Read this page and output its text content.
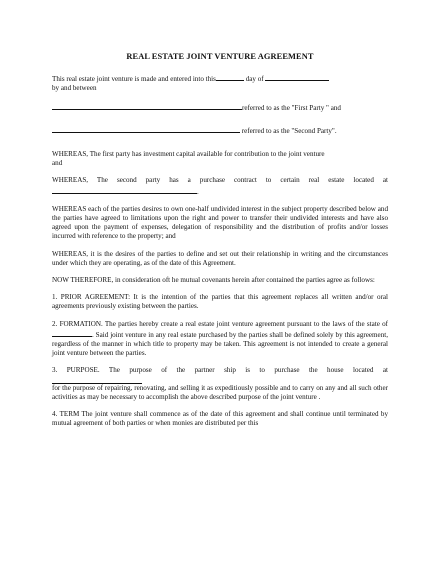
REAL ESTATE JOINT VENTURE AGREEMENT
This real estate joint venture is made and entered into this	day of
by and between
referred to as the "First Party " and
referred to as the "Second Party".
WHEREAS, The first party has investment capital available for contribution to the joint venture
and
WHEREAS, The second party has a purchase contract to certain real estate located at
.
WHEREAS each of the parties desires to own one-half undivided interest in the subject property described below and the parties have agreed to limitations upon the right and power to transfer their undivided interests and have also agreed upon the payment of expenses, delegation of responsibility and the distribution of profits and/or losses incurred with reference to the property; and
WHEREAS, it is the desires of the parties to define and set out their relationship in writing and the circumstances under which they are operating, as of the date of this Agreement.
NOW THEREFORE, in consideration oft he mutual covenants herein after contained the parties agree as follows:
1. PRIOR AGREEMENT: It is the intention of the parties that this agreement replaces all written and/or oral agreements previously existing between the parties.
2. FORMATION. The parties hereby create a real estate joint venture agreement pursuant to the laws of the state of . Said joint venture in any real estate purchased by the parties shall be defined solely by this agreement, regardless of the manner in which title to property may be taken. This agreement is not intended to create a general joint venture between the parties.
3. PURPOSE. The purpose of the partner ship is to purchase the house located at
for the purpose of repairing, renovating, and selling it as expeditiously possible and to carry on any and all such other activities as may be necessary to accomplish the above described purpose of the joint venture .
4. TERM The joint venture shall commence as of the date of this agreement and shall continue until terminated by mutual agreement of both parties or when monies are distributed per this
